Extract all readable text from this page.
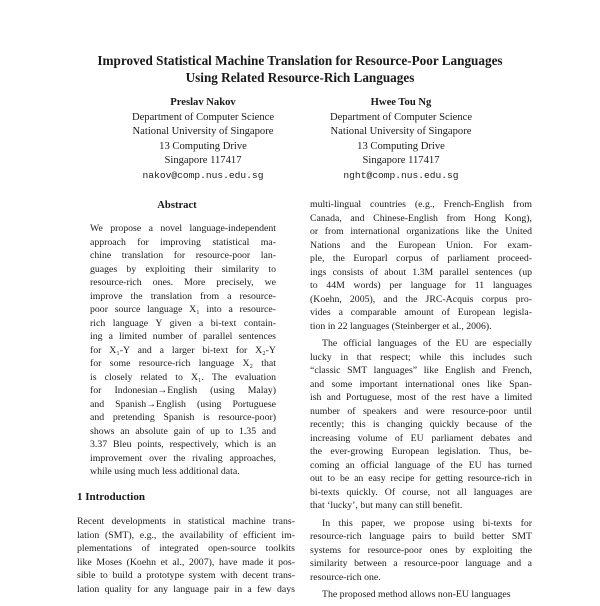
Improved Statistical Machine Translation for Resource-Poor Languages
Using Related Resource-Rich Languages
Preslav Nakov
Department of Computer Science
National University of Singapore
13 Computing Drive
Singapore 117417
nakov@comp.nus.edu.sg
Hwee Tou Ng
Department of Computer Science
National University of Singapore
13 Computing Drive
Singapore 117417
nght@comp.nus.edu.sg
Abstract
We propose a novel language-independent
approach for improving statistical ma-
chine translation for resource-poor lan-
guages by exploiting their similarity to
resource-rich ones. More precisely, we
improve the translation from a resource-
poor source language X₁ into a resource-
rich language Y given a bi-text contain-
ing a limited number of parallel sentences
for X₁-Y and a larger bi-text for X₂-Y
for some resource-rich language X₂ that
is closely related to X₁. The evaluation
for Indonesian→English (using Malay)
and Spanish→English (using Portuguese
and pretending Spanish is resource-poor)
shows an absolute gain of up to 1.35 and
3.37 Bleu points, respectively, which is an
improvement over the rivaling approaches,
while using much less additional data.
1 Introduction
Recent developments in statistical machine trans-
lation (SMT), e.g., the availability of efficient im-
plementations of integrated open-source toolkits
like Moses (Koehn et al., 2007), have made it pos-
sible to build a prototype system with decent trans-
lation quality for any language pair in a few days
multi-lingual countries (e.g., French-English from
Canada, and Chinese-English from Hong Kong),
or from international organizations like the United
Nations and the European Union. For exam-
ple, the Europarl corpus of parliament proceed-
ings consists of about 1.3M parallel sentences (up
to 44M words) per language for 11 languages
(Koehn, 2005), and the JRC-Acquis corpus pro-
vides a comparable amount of European legisla-
tion in 22 languages (Steinberger et al., 2006).
The official languages of the EU are especially
lucky in that respect; while this includes such
“classic SMT languages” like English and French,
and some important international ones like Span-
ish and Portuguese, most of the rest have a limited
number of speakers and were resource-poor until
recently; this is changing quickly because of the
increasing volume of EU parliament debates and
the ever-growing European legislation. Thus, be-
coming an official language of the EU has turned
out to be an easy recipe for getting resource-rich in
bi-texts quickly. Of course, not all languages are
that ‘lucky’, but many can still benefit.
In this paper, we propose using bi-texts for
resource-rich language pairs to build better SMT
systems for resource-poor ones by exploiting the
similarity between a resource-poor language and a
resource-rich one.
The proposed method allows non-EU languages
